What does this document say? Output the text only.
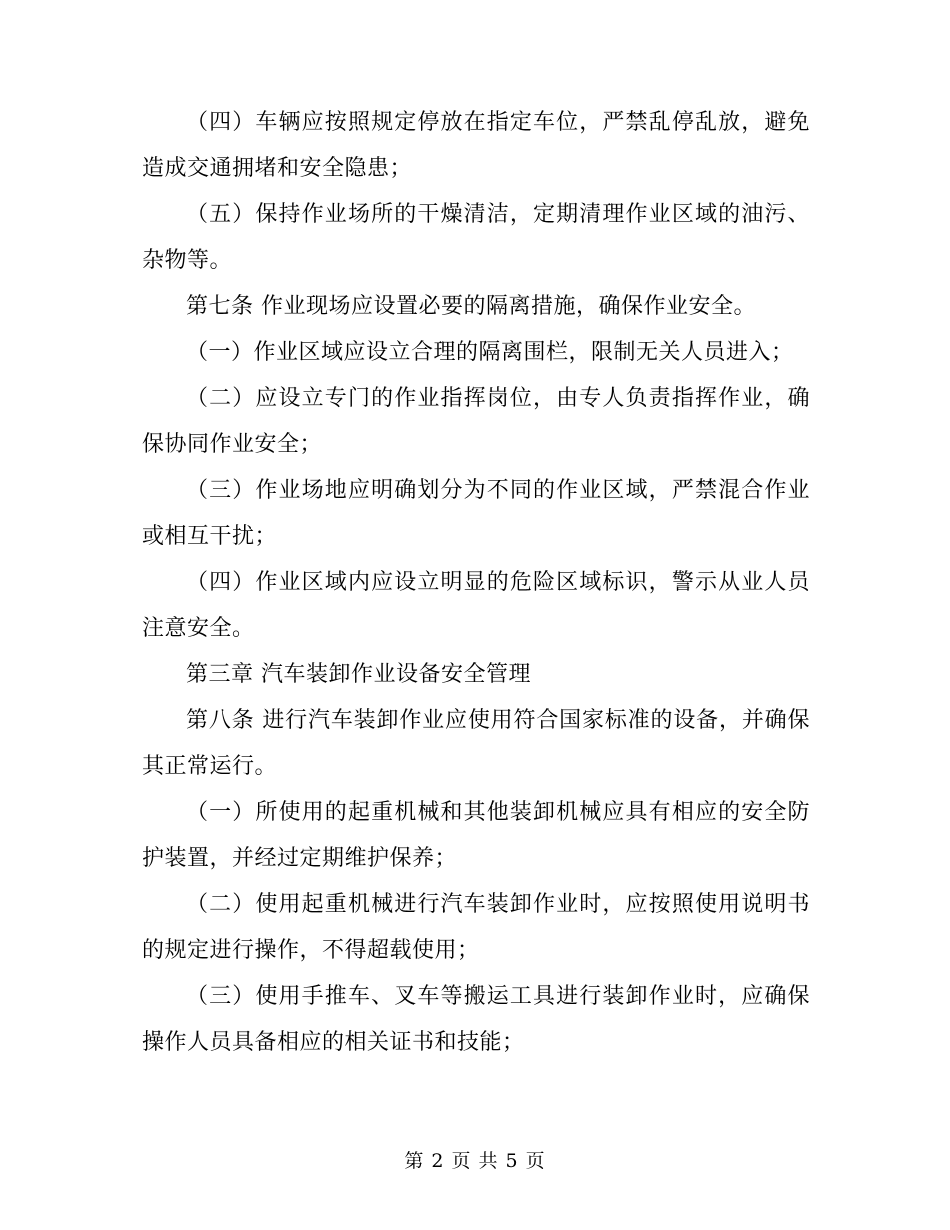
（四）车辆应按照规定停放在指定车位，严禁乱停乱放，避免造成交通拥堵和安全隐患；

（五）保持作业场所的干燥清洁，定期清理作业区域的油污、杂物等。

第七条 作业现场应设置必要的隔离措施，确保作业安全。

（一）作业区域应设立合理的隔离围栏，限制无关人员进入；

（二）应设立专门的作业指挥岗位，由专人负责指挥作业，确保协同作业安全；

（三）作业场地应明确划分为不同的作业区域，严禁混合作业或相互干扰；

（四）作业区域内应设立明显的危险区域标识，警示从业人员注意安全。

第三章 汽车装卸作业设备安全管理

第八条 进行汽车装卸作业应使用符合国家标准的设备，并确保其正常运行。

（一）所使用的起重机械和其他装卸机械应具有相应的安全防护装置，并经过定期维护保养；

（二）使用起重机械进行汽车装卸作业时，应按照使用说明书的规定进行操作，不得超载使用；

（三）使用手推车、叉车等搬运工具进行装卸作业时，应确保操作人员具备相应的相关证书和技能；

第 2 页 共 5 页
